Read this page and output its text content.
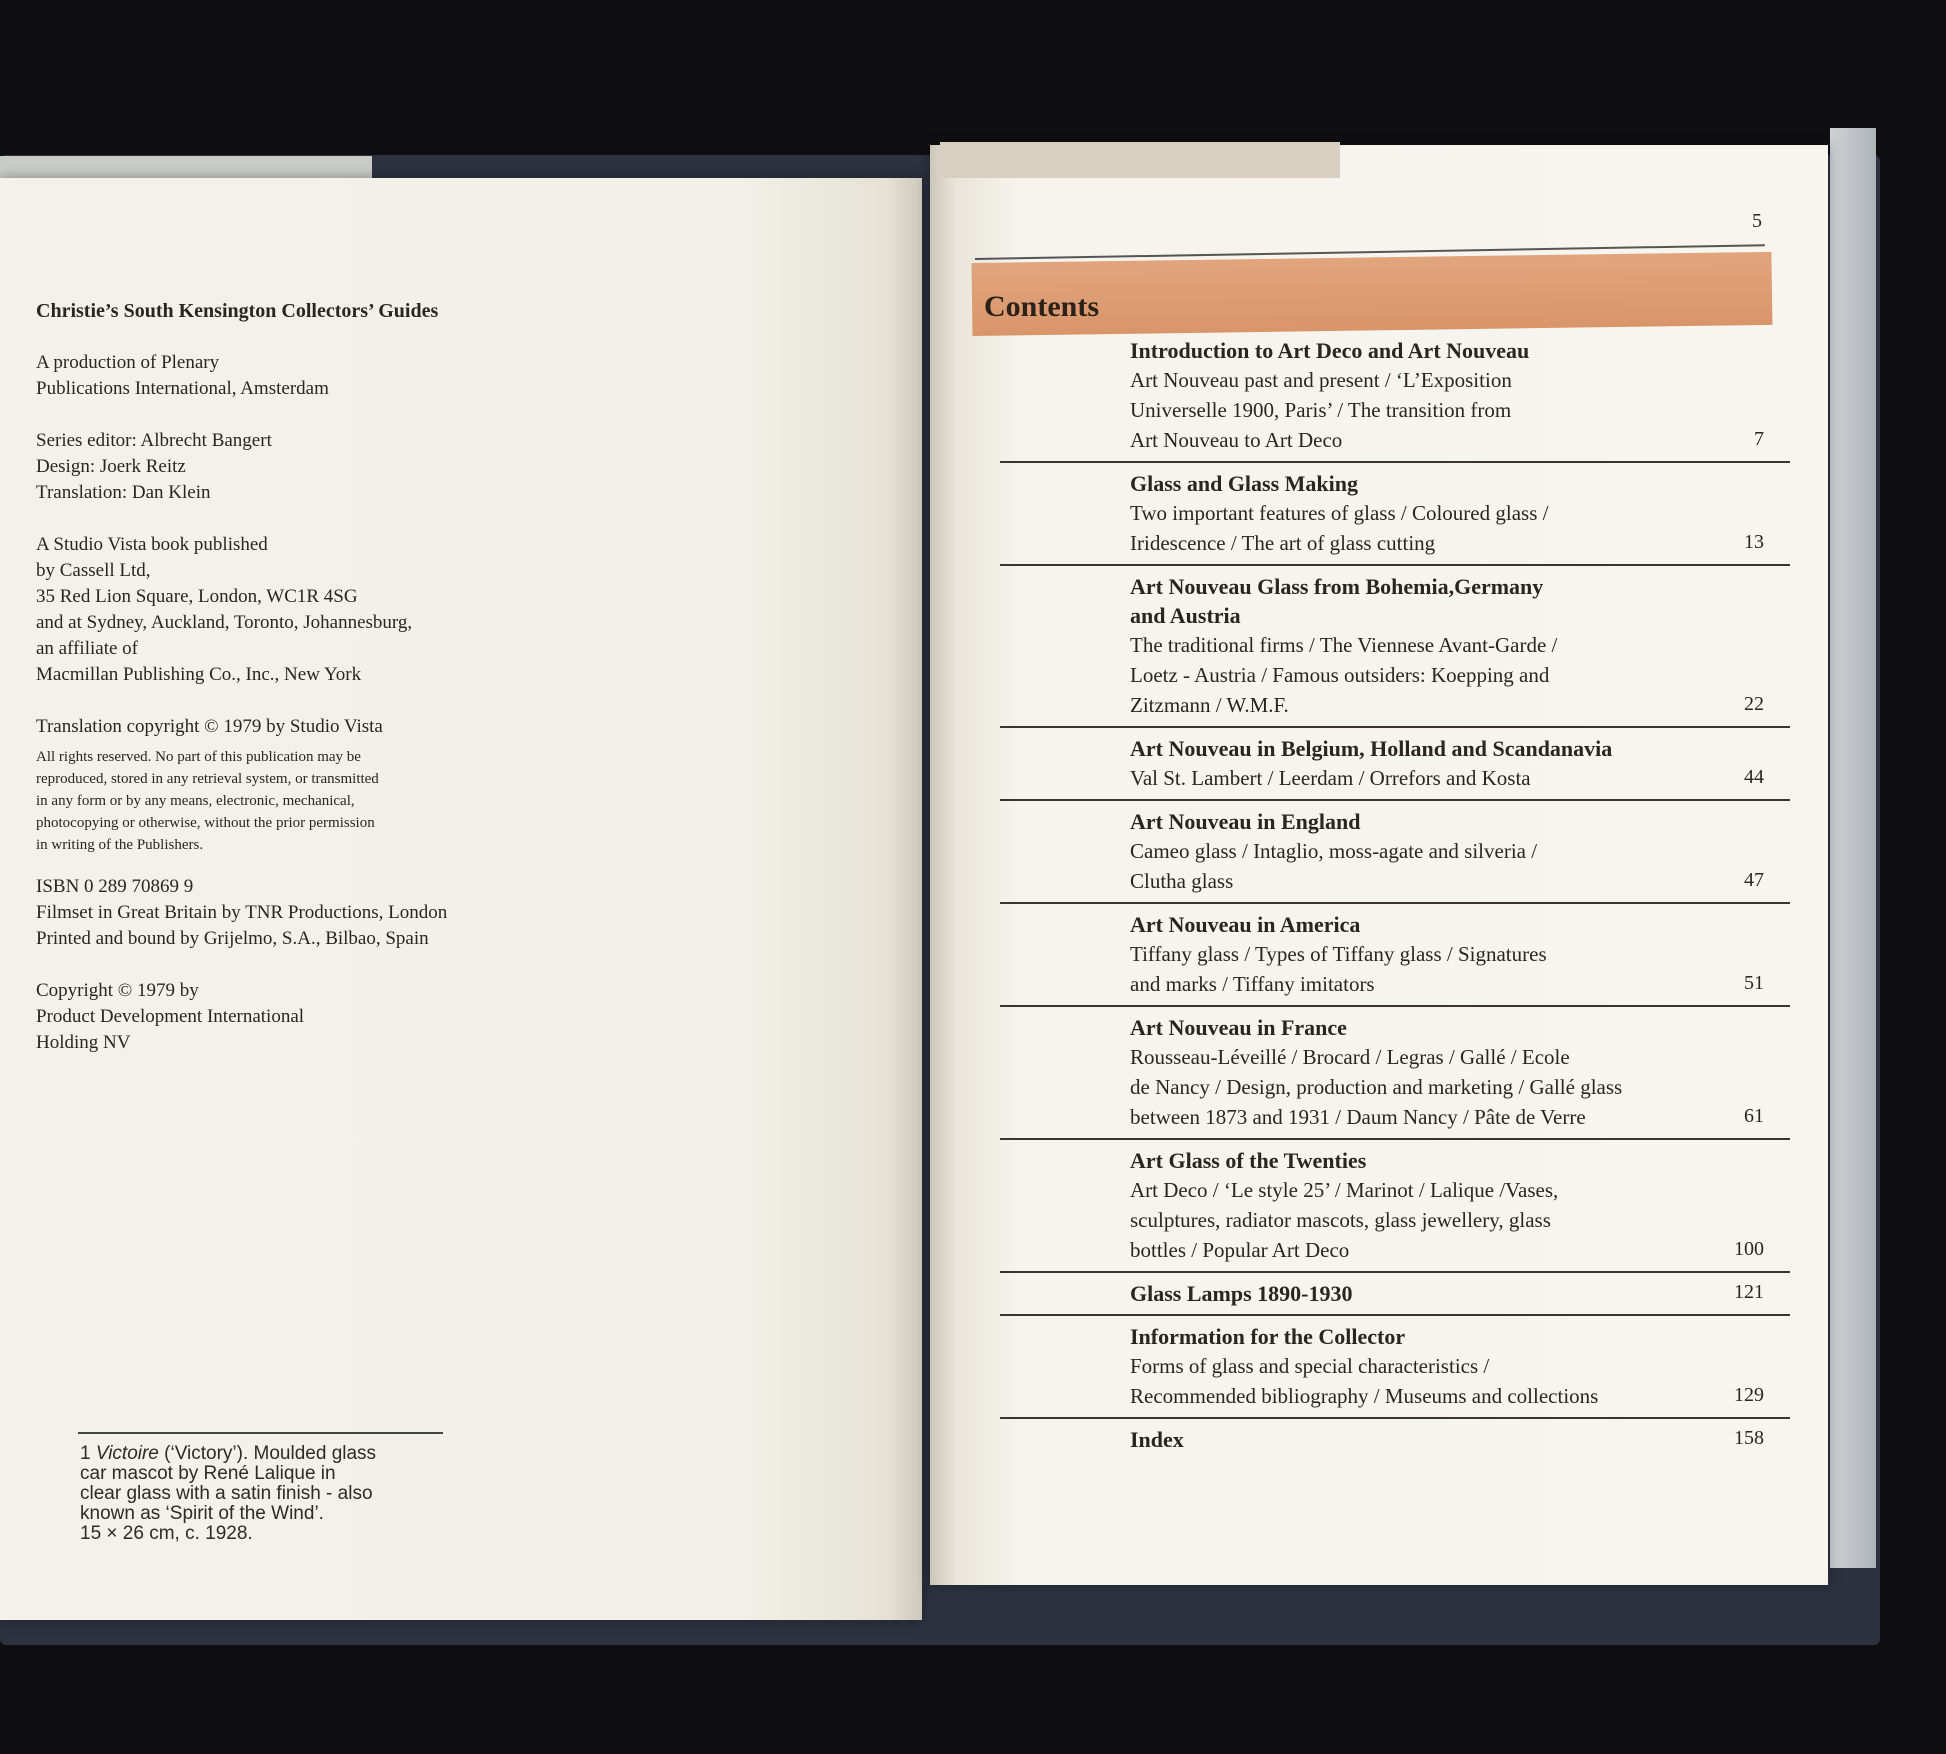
Christie’s South Kensington Collectors’ Guides
A production of Plenary
Publications International, Amsterdam
Series editor: Albrecht Bangert
Design: Joerk Reitz
Translation: Dan Klein
A Studio Vista book published
by Cassell Ltd,
35 Red Lion Square, London, WC1R 4SG
and at Sydney, Auckland, Toronto, Johannesburg,
an affiliate of
Macmillan Publishing Co., Inc., New York
Translation copyright © 1979 by Studio Vista
All rights reserved. No part of this publication may be
reproduced, stored in any retrieval system, or transmitted
in any form or by any means, electronic, mechanical,
photocopying or otherwise, without the prior permission
in writing of the Publishers.
ISBN 0 289 70869 9
Filmset in Great Britain by TNR Productions, London
Printed and bound by Grijelmo, S.A., Bilbao, Spain
Copyright © 1979 by
Product Development International
Holding NV
1 Victoire (‘Victory’). Moulded glass
car mascot by René Lalique in
clear glass with a satin finish - also
known as ‘Spirit of the Wind’.
15 × 26 cm, c. 1928.
5
Contents
Introduction to Art Deco and Art Nouveau
Art Nouveau past and present / ‘L’Exposition
Universelle 1900, Paris’ / The transition from
Art Nouveau to Art Deco	7
Glass and Glass Making
Two important features of glass / Coloured glass /
Iridescence / The art of glass cutting	13
Art Nouveau Glass from Bohemia,Germany
and Austria
The traditional firms / The Viennese Avant-Garde /
Loetz - Austria / Famous outsiders: Koepping and
Zitzmann / W.M.F.	22
Art Nouveau in Belgium, Holland and Scandanavia
Val St. Lambert / Leerdam / Orrefors and Kosta	44
Art Nouveau in England
Cameo glass / Intaglio, moss-agate and silveria /
Clutha glass	47
Art Nouveau in America
Tiffany glass / Types of Tiffany glass / Signatures
and marks / Tiffany imitators	51
Art Nouveau in France
Rousseau-Léveillé / Brocard / Legras / Gallé / Ecole
de Nancy / Design, production and marketing / Gallé glass
between 1873 and 1931 / Daum Nancy / Pâte de Verre	61
Art Glass of the Twenties
Art Deco / ‘Le style 25’ / Marinot / Lalique /Vases,
sculptures, radiator mascots, glass jewellery, glass
bottles / Popular Art Deco	100
Glass Lamps 1890-1930	121
Information for the Collector
Forms of glass and special characteristics /
Recommended bibliography / Museums and collections	129
Index	158
